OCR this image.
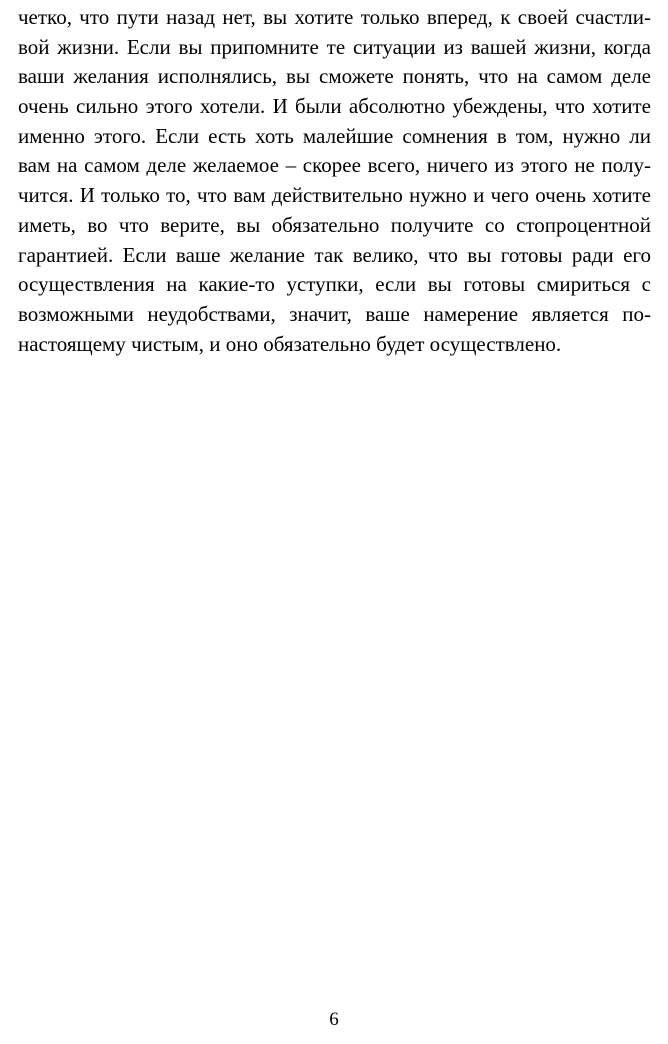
четко, что пути назад нет, вы хотите только вперед, к своей счастли-
вой жизни. Если вы припомните те ситуации из вашей жизни, когда
ваши желания исполнялись, вы сможете понять, что на самом деле
очень сильно этого хотели. И были абсолютно убеждены, что хотите
именно этого. Если есть хоть малейшие сомнения в том, нужно ли
вам на самом деле желаемое – скорее всего, ничего из этого не полу-
чится. И только то, что вам действительно нужно и чего очень хотите
иметь, во что верите, вы обязательно получите со стопроцентной
гарантией. Если ваше желание так велико, что вы готовы ради его
осуществления на какие-то уступки, если вы готовы смириться с
возможными неудобствами, значит, ваше намерение является по-
настоящему чистым, и оно обязательно будет осуществлено.
6
